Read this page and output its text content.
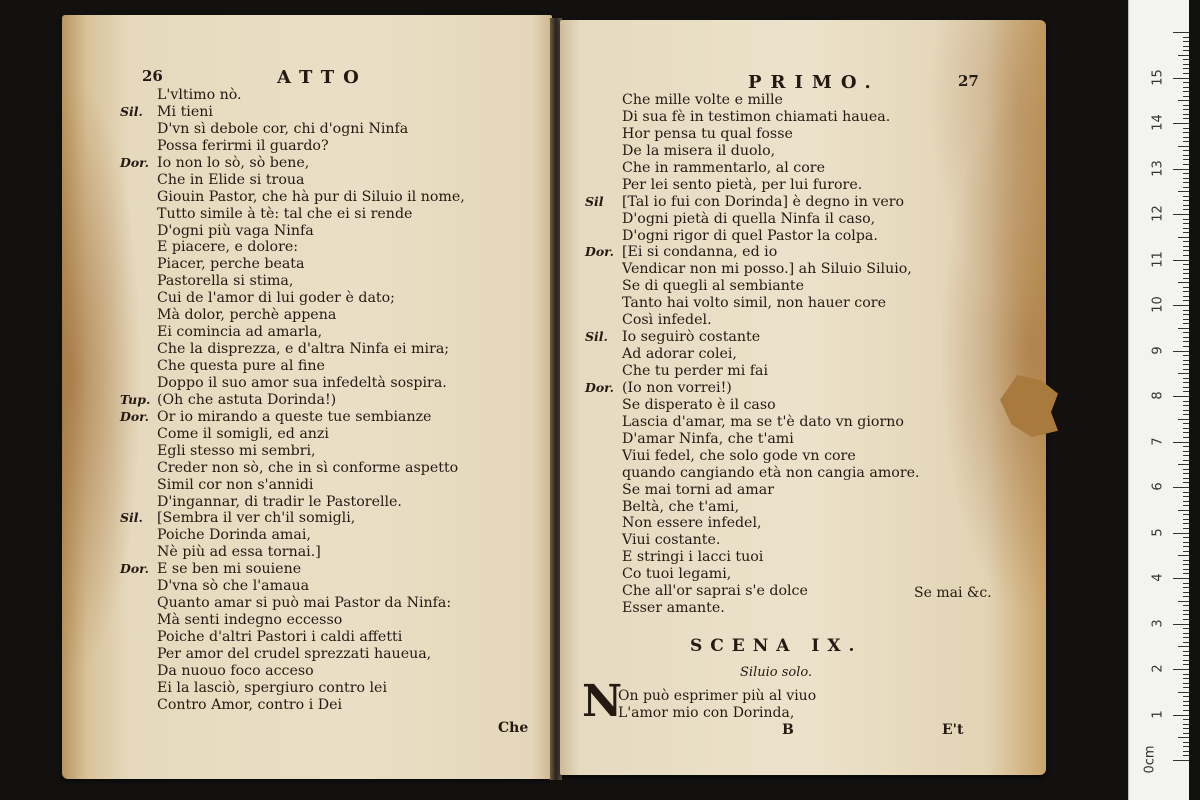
26	ATTO
L'vltimo nò.
Sil. Mi tieni
D'vn sì debole cor, chi d'ogni Ninfa
Possa ferirmi il guardo?
Dor. Io non lo sò, sò bene,
Che in Elide si troua
Giouin Pastor, che hà pur di Siluio il nome,
Tutto simile à tè: tal che ei si rende
D'ogni più vaga Ninfa
E piacere, e dolore:
Piacer, perche beata
Pastorella si stima,
Cui de l'amor di lui goder è dato;
Mà dolor, perchè appena
Ei comincia ad amarla,
Che la disprezza, e d'altra Ninfa ei mira;
Che questa pure al fine
Doppo il suo amor sua infedeltà sospira.
Tup. (Oh che astuta Dorinda!)
Dor. Or io mirando a queste tue sembianze
Come il somigli, ed anzi
Egli stesso mi sembri,
Creder non sò, che in sì conforme aspetto
Simil cor non s'annidi
D'ingannar, di tradir le Pastorelle.
Sil. [Sembra il ver ch'il somigli,
Poiche Dorinda amai,
Nè più ad essa tornai.]
Dor. E se ben mi souiene
D'vna sò che l'amaua
Quanto amar si può mai Pastor da Ninfa:
Mà senti indegno eccesso
Poiche d'altri Pastori i caldi affetti
Per amor del crudel sprezzati haueua,
Da nuouo foco acceso
Ei la lasciò, spergiuro contro lei
Contro Amor, contro i Dei
Che
PRIMO.	27
Che mille volte e mille
Di sua fè in testimon chiamati haueа.
Hor pensa tu qual fosse
De la misera il duolo,
Che in rammentarlo, al core
Per lei sento pietà, per lui furore.
Sil [Tal io fui con Dorinda] è degno in vero
D'ogni pietà di quella Ninfa il caso,
D'ogni rigor di quel Pastor la colpa.
Dor. [Ei si condanna, ed io
Vendicar non mi posso.] ah Siluio Siluio,
Se di quegli al sembiante
Tanto hai volto simil, non hauer core
Così infedel.
Sil. Io seguirò costante
Ad adorar colei,
Che tu perder mi fai
Dor. (Io non vorrei!)
Se disperato è il caso
Lascia d'amar, ma se t'è dato vn giorno
D'amar Ninfa, che t'ami
Viui fedel, che solo gode vn core
quando cangiando età non cangia amore.
Se mai torni ad amar
Beltà, che t'ami,
Non essere infedel,
Viui costante.
E stringi i lacci tuoi
Co tuoi legami,
Che all'or saprai s'e dolce
Esser amante.
Se mai &c.
SCENA IX.
Siluio solo.
N
On può esprimer più al viuo
L'amor mio con Dorinda,
B	E't
0cm
1
2
3
4
5
6
7
8
9
10
11
12
13
14
15
